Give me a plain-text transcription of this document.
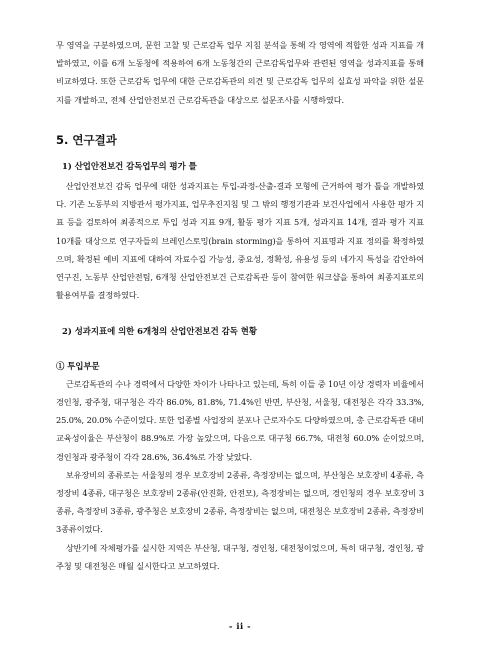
무 영역을 구분하였으며, 문헌 고찰 및 근로감독 업무 지침 분석을 통해 각 영역에 적합한 성과 지표를 개발하였고, 이를 6개 노동청에 적용하여 6개 노동청간의 근로감독업무와 관련된 영역을 성과지표를 통해 비교하였다. 또한 근로감독 업무에 대한 근로감독관의 의견 및 근로감독 업무의 실효성 파악을 위한 설문지를 개발하고, 전체 산업안전보건 근로감독관을 대상으로 설문조사를 시행하였다.

5. 연구결과
1) 산업안전보건 감독업무의 평가 틀

산업안전보건 감독 업무에 대한 성과지표는 투입-과정-산출-결과 모형에 근거하여 평가 틀을 개발하였다. 기존 노동부의 지방관서 평가지표, 업무추진지침 및 그 밖의 행정기관과 보건사업에서 사용한 평가 지표 등을 검토하여 최종적으로 투입 성과 지표 9개, 활동 평가 지표 5개, 성과지표 14개, 결과 평가 지표 10개를 대상으로 연구자들의 브레인스토밍(brain storming)을 통하여 지표명과 지표 정의를 확정하였으며, 확정된 예비 지표에 대하여 자료수집 가능성, 중요성, 정확성, 유용성 등의 네가지 특성을 감안하여 연구진, 노동부 산업안전팀, 6개청 산업안전보건 근로감독관 등이 참여한 워크샵을 통하여 최종지표로의 활용여부를 결정하였다.

2) 성과지표에 의한 6개청의 산업안전보건 감독 현황
① 투입부문

근로감독관의 수나 경력에서 다양한 차이가 나타나고 있는데, 특히 이들 중 10년 이상 경력자 비율에서 경인청, 광주청, 대구청은 각각 86.0%, 81.8%, 71.4%인 반면, 부산청, 서울청, 대전청은 각각 33.3%, 25.0%, 20.0% 수준이었다. 또한 업종별 사업장의 분포나 근로자수도 다양하였으며, 총 근로감독관 대비 교육성이율은 부산청이 88.9%로 가장 높았으며, 다음으로 대구청 66.7%, 대전청 60.0% 순이었으며, 경인청과 광주청이 각각 28.6%, 36.4%로 가장 낮았다.

보유장비의 종류로는 서울청의 경우 보호장비 2종류, 측정장비는 없으며, 부산청은 보호장비 4종류, 측정장비 4종류, 대구청은 보호장비 2종류(안진화, 안전모), 측정장비는 없으며, 경인청의 경우 보호장비 3종류, 측정장비 3종류, 광주청은 보호장비 2종류, 측정장비는 없으며, 대전청은 보호장비 2종류, 측정장비 3종류이었다.

상반기에 자체평가를 실시한 지역은 부산청, 대구청, 경인청, 대전청이었으며, 특히 대구청, 경인청, 광주청 및 대전청은 매월 실시한다고 보고하였다.

- ii -
